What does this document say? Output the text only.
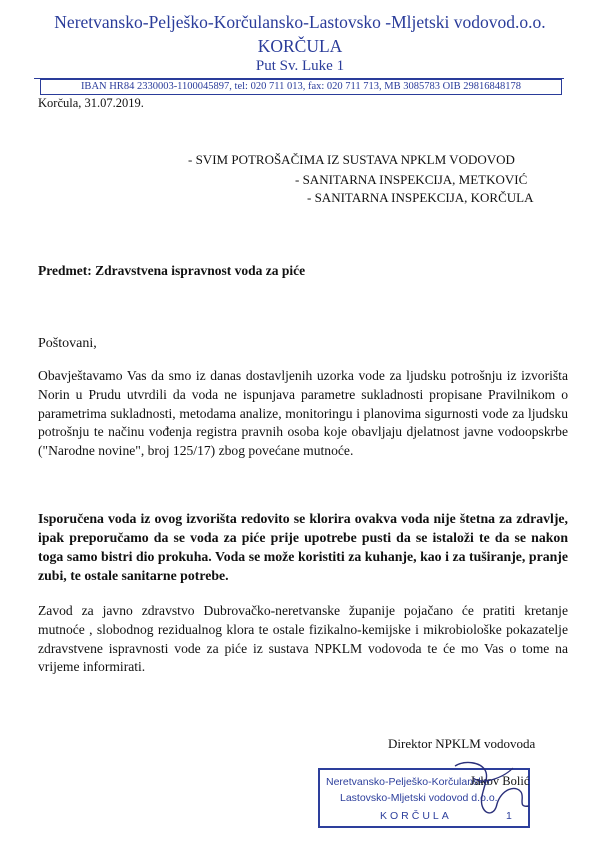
Neretvansko-Pelješko-Korčulansko-Lastovsko -Mljetski vodovod.o.o.
KORČULA
Put Sv. Luke 1
IBAN HR84 2330003-1100045897, tel: 020 711 013, fax: 020 711 713, MB 3085783 OIB 29816848178
Korčula, 31.07.2019.
- SVIM POTROŠAČIMA IZ SUSTAVA NPKLM VODOVOD
- SANITARNA INSPEKCIJA, METKOVIĆ
- SANITARNA INSPEKCIJA, KORČULA
Predmet: Zdravstvena ispravnost voda za piće
Poštovani,
Obavještavamo Vas da smo iz danas dostavljenih uzorka vode za ljudsku potrošnju iz izvorišta Norin u Prudu utvrdili da voda ne ispunjava parametre sukladnosti propisane Pravilnikom o parametrima sukladnosti, metodama analize, monitoringu i planovima sigurnosti vode za ljudsku potrošnju te načinu vođenja registra pravnih osoba koje obavljaju djelatnost javne vodoopskrbe ("Narodne novine", broj 125/17) zbog povećane mutnoće.
Isporučena voda iz ovog izvorišta redovito se klorira ovakva voda nije štetna za zdravlje, ipak preporučamo da se voda za piće prije upotrebe pusti da se istaloži te da se nakon toga samo bistri dio prokuha. Voda se može koristiti za kuhanje, kao i za tuširanje, pranje zubi, te ostale sanitarne potrebe.
Zavod za javno zdravstvo Dubrovačko-neretvanske županije pojačano će pratiti kretanje mutnoće , slobodnog rezidualnog klora te ostale fizikalno-kemijske i mikrobiološke pokazatelje zdravstvene ispravnosti vode za piće iz sustava NPKLM vodovoda te će mo Vas o tome na vrijeme informirati.
Direktor NPKLM vodovoda
Neretvansko-Pelješko-Korčulansko
Lastovsko-Mljetski vodovod d.o.o.
KORČULA	1
Jakov Bolić
